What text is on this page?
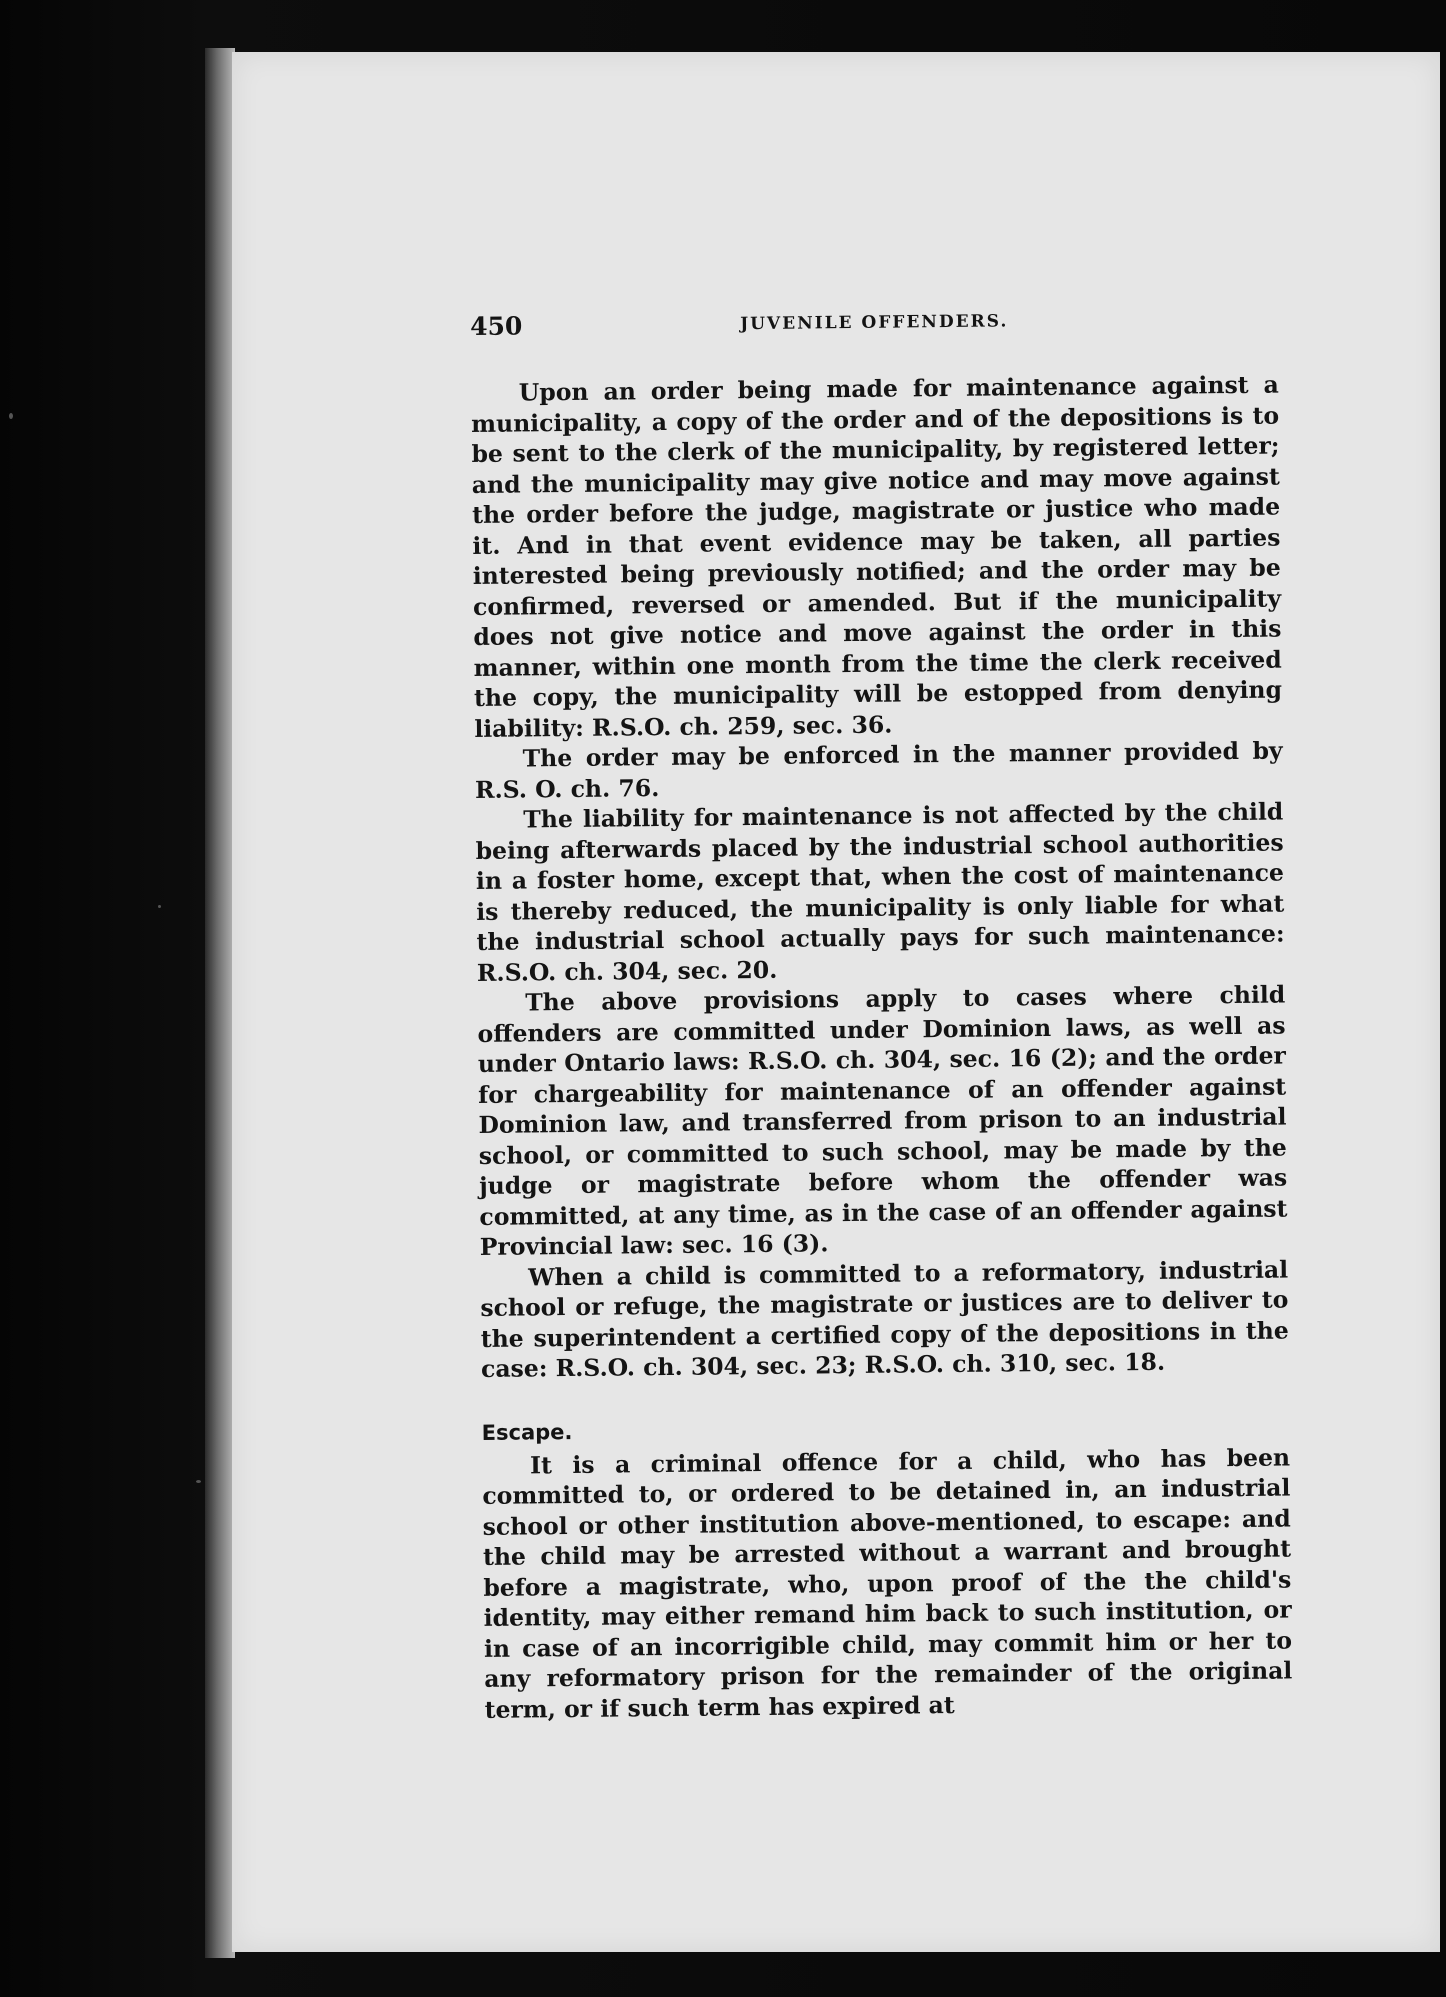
450	JUVENILE OFFENDERS.

Upon an order being made for maintenance against a municipality, a copy of the order and of the depositions is to be sent to the clerk of the municipality, by registered letter; and the municipality may give notice and may move against the order before the judge, magistrate or justice who made it. And in that event evidence may be taken, all parties interested being previously notified; and the order may be confirmed, reversed or amended. But if the municipality does not give notice and move against the order in this manner, within one month from the time the clerk received the copy, the municipality will be estopped from denying liability: R.S.O. ch. 259, sec. 36.

The order may be enforced in the manner provided by R.S. O. ch. 76.

The liability for maintenance is not affected by the child being afterwards placed by the industrial school authorities in a foster home, except that, when the cost of maintenance is thereby reduced, the municipality is only liable for what the industrial school actually pays for such maintenance: R.S.O. ch. 304, sec. 20.

The above provisions apply to cases where child offenders are committed under Dominion laws, as well as under Ontario laws: R.S.O. ch. 304, sec. 16 (2); and the order for chargeability for maintenance of an offender against Dominion law, and transferred from prison to an industrial school, or committed to such school, may be made by the judge or magistrate before whom the offender was committed, at any time, as in the case of an offender against Provincial law: sec. 16 (3).

When a child is committed to a reformatory, industrial school or refuge, the magistrate or justices are to deliver to the superintendent a certified copy of the depositions in the case: R.S.O. ch. 304, sec. 23; R.S.O. ch. 310, sec. 18.

Escape.

It is a criminal offence for a child, who has been committed to, or ordered to be detained in, an industrial school or other institution above-mentioned, to escape: and the child may be arrested without a warrant and brought before a magistrate, who, upon proof of the the child's identity, may either remand him back to such institution, or in case of an incorrigible child, may commit him or her to any reformatory prison for the remainder of the original term, or if such term has expired at
